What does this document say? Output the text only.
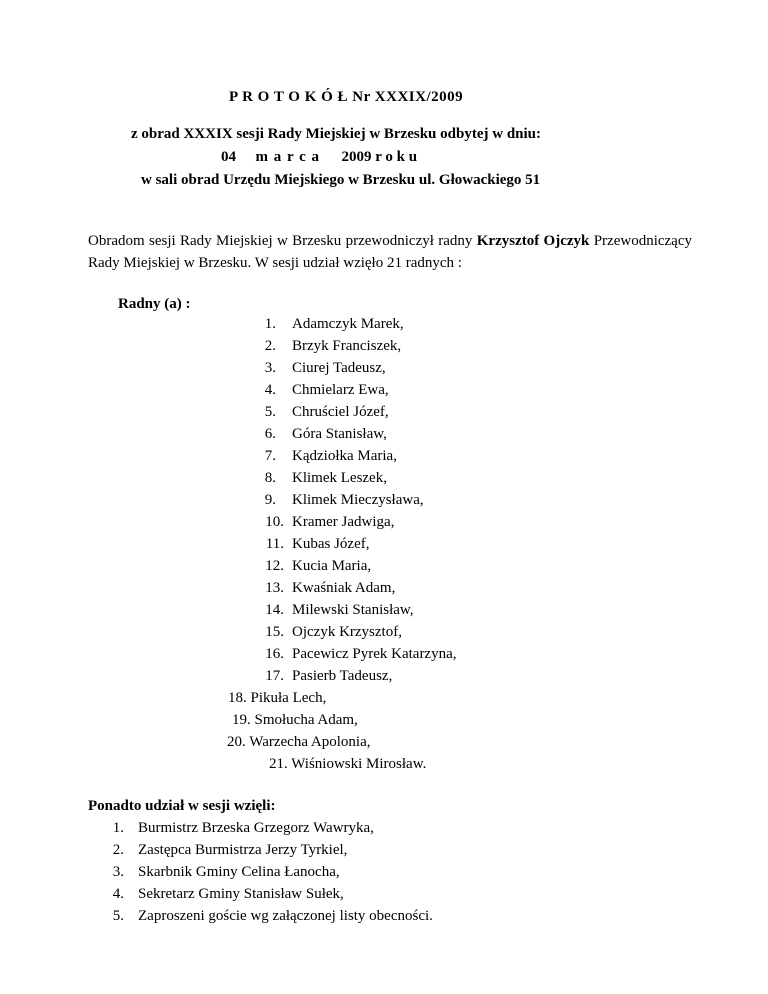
P R O T O K Ó Ł Nr XXXIX/2009
z obrad XXXIX sesji Rady Miejskiej w Brzesku odbytej w dniu:
04 m a r c a 2009 r o k u
w sali obrad Urzędu Miejskiego w Brzesku ul. Głowackiego 51
Obradom sesji Rady Miejskiej w Brzesku przewodniczył radny Krzysztof Ojczyk Przewodniczący Rady Miejskiej w Brzesku. W sesji udział wzięło 21 radnych :
Radny (a) :
1. Adamczyk Marek,
2. Brzyk Franciszek,
3. Ciurej Tadeusz,
4. Chmielarz Ewa,
5. Chruściel Józef,
6. Góra Stanisław,
7. Kądziołka Maria,
8. Klimek Leszek,
9. Klimek Mieczysława,
10. Kramer Jadwiga,
11. Kubas Józef,
12. Kucia Maria,
13. Kwaśniak Adam,
14. Milewski Stanisław,
15. Ojczyk Krzysztof,
16. Pacewicz Pyrek Katarzyna,
17. Pasierb Tadeusz,
18. Pikuła Lech,
19. Smołucha Adam,
20. Warzecha Apolonia,
21. Wiśniowski Mirosław.
Ponadto udział w sesji wzięli:
1. Burmistrz Brzeska Grzegorz Wawryka,
2. Zastępca Burmistrza Jerzy Tyrkiel,
3. Skarbnik Gminy Celina Łanocha,
4. Sekretarz Gminy Stanisław Sułek,
5. Zaproszeni goście wg załączonej listy obecności.
